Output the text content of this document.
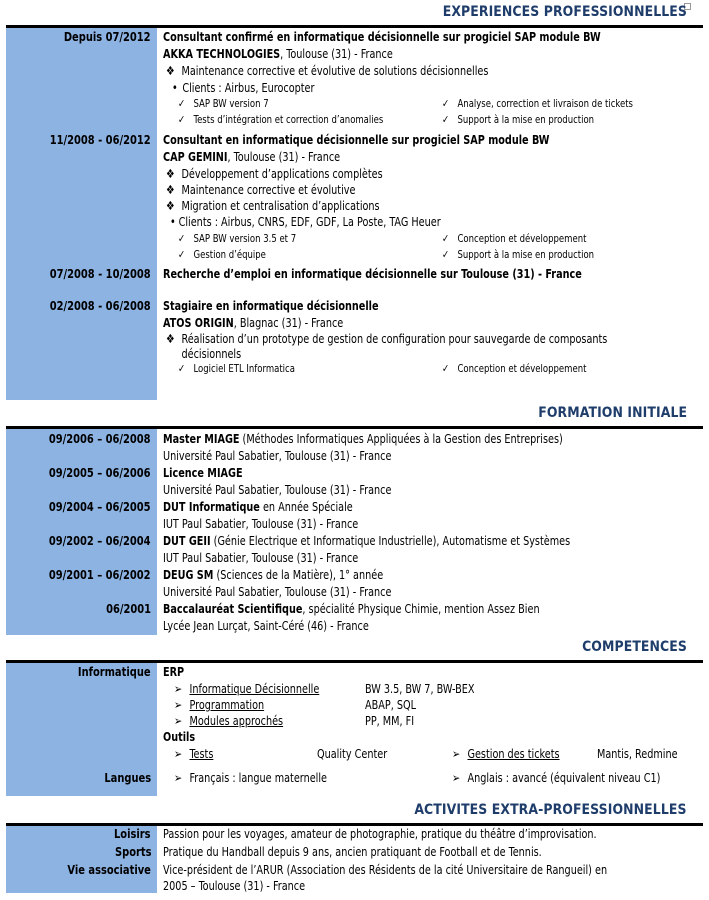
EXPERIENCES PROFESSIONNELLES
Depuis 07/2012 Consultant confirmé en informatique décisionnelle sur progiciel SAP module BW
AKKA TECHNOLOGIES, Toulouse (31) - France
❖ Maintenance corrective et évolutive de solutions décisionnelles
• Clients : Airbus, Eurocopter
✓ SAP BW version 7	✓ Analyse, correction et livraison de tickets
✓ Tests d’intégration et correction d’anomalies	✓ Support à la mise en production
11/2008 - 06/2012 Consultant en informatique décisionnelle sur progiciel SAP module BW
CAP GEMINI, Toulouse (31) - France
❖ Développement d’applications complètes
❖ Maintenance corrective et évolutive
❖ Migration et centralisation d’applications
• Clients : Airbus, CNRS, EDF, GDF, La Poste, TAG Heuer
✓ SAP BW version 3.5 et 7	✓ Conception et développement
✓ Gestion d’équipe	✓ Support à la mise en production
07/2008 - 10/2008 Recherche d’emploi en informatique décisionnelle sur Toulouse (31) - France
02/2008 - 06/2008 Stagiaire en informatique décisionnelle
ATOS ORIGIN, Blagnac (31) - France
❖ Réalisation d’un prototype de gestion de configuration pour sauvegarde de composants
décisionnels
✓ Logiciel ETL Informatica	✓ Conception et développement
FORMATION INITIALE
09/2006 – 06/2008 Master MIAGE (Méthodes Informatiques Appliquées à la Gestion des Entreprises)
Université Paul Sabatier, Toulouse (31) - France
09/2005 – 06/2006 Licence MIAGE
Université Paul Sabatier, Toulouse (31) - France
09/2004 – 06/2005 DUT Informatique en Année Spéciale
IUT Paul Sabatier, Toulouse (31) - France
09/2002 – 06/2004 DUT GEII (Génie Electrique et Informatique Industrielle), Automatisme et Systèmes
IUT Paul Sabatier, Toulouse (31) - France
09/2001 – 06/2002 DEUG SM (Sciences de la Matière), 1° année
Université Paul Sabatier, Toulouse (31) - France
06/2001 Baccalauréat Scientifique, spécialité Physique Chimie, mention Assez Bien
Lycée Jean Lurçat, Saint-Céré (46) - France
COMPETENCES
Informatique ERP
➢ Informatique Décisionnelle	BW 3.5, BW 7, BW-BEX
➢ Programmation	ABAP, SQL
➢ Modules approchés	PP, MM, FI
Outils
➢ Tests	Quality Center	➢ Gestion des tickets	Mantis, Redmine
Langues ➢ Français : langue maternelle	➢ Anglais : avancé (équivalent niveau C1)
ACTIVITES EXTRA-PROFESSIONNELLES
Loisirs Passion pour les voyages, amateur de photographie, pratique du théâtre d’improvisation.
Sports Pratique du Handball depuis 9 ans, ancien pratiquant de Football et de Tennis.
Vie associative Vice-président de l’ARUR (Association des Résidents de la cité Universitaire de Rangueil) en
2005 – Toulouse (31) - France
